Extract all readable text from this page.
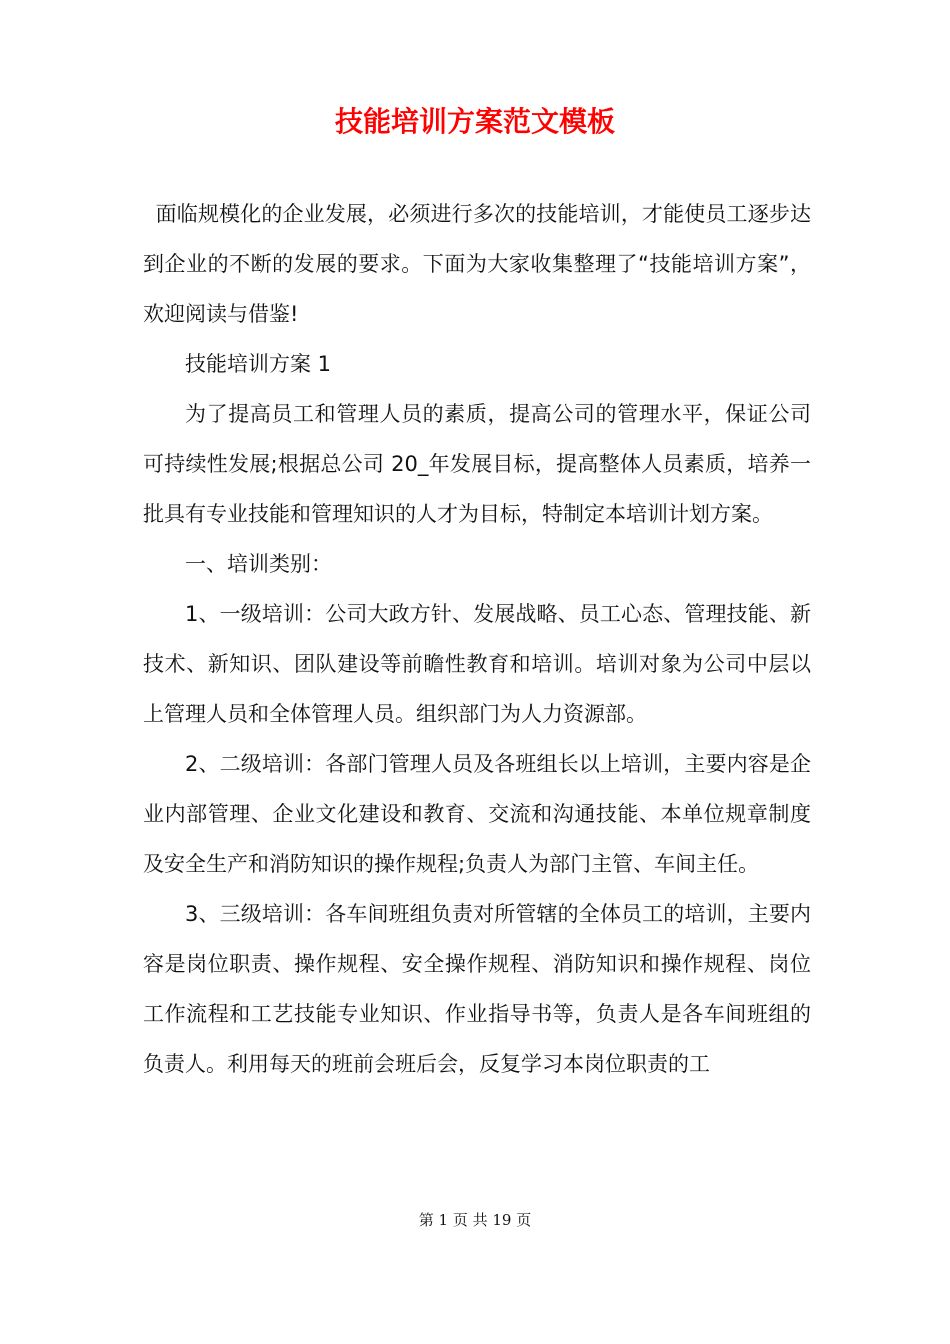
技能培训方案范文模板

面临规模化的企业发展，必须进行多次的技能培训，才能使员工逐步达到企业的不断的发展的要求。下面为大家收集整理了“技能培训方案”，欢迎阅读与借鉴!

技能培训方案 1

为了提高员工和管理人员的素质，提高公司的管理水平，保证公司可持续性发展;根据总公司 20_年发展目标，提高整体人员素质，培养一批具有专业技能和管理知识的人才为目标，特制定本培训计划方案。

一、培训类别：

1、一级培训：公司大政方针、发展战略、员工心态、管理技能、新技术、新知识、团队建设等前瞻性教育和培训。培训对象为公司中层以上管理人员和全体管理人员。组织部门为人力资源部。

2、二级培训：各部门管理人员及各班组长以上培训，主要内容是企业内部管理、企业文化建设和教育、交流和沟通技能、本单位规章制度及安全生产和消防知识的操作规程;负责人为部门主管、车间主任。

3、三级培训：各车间班组负责对所管辖的全体员工的培训，主要内容是岗位职责、操作规程、安全操作规程、消防知识和操作规程、岗位工作流程和工艺技能专业知识、作业指导书等，负责人是各车间班组的负责人。利用每天的班前会班后会，反复学习本岗位职责的工

第 1 页 共 19 页
